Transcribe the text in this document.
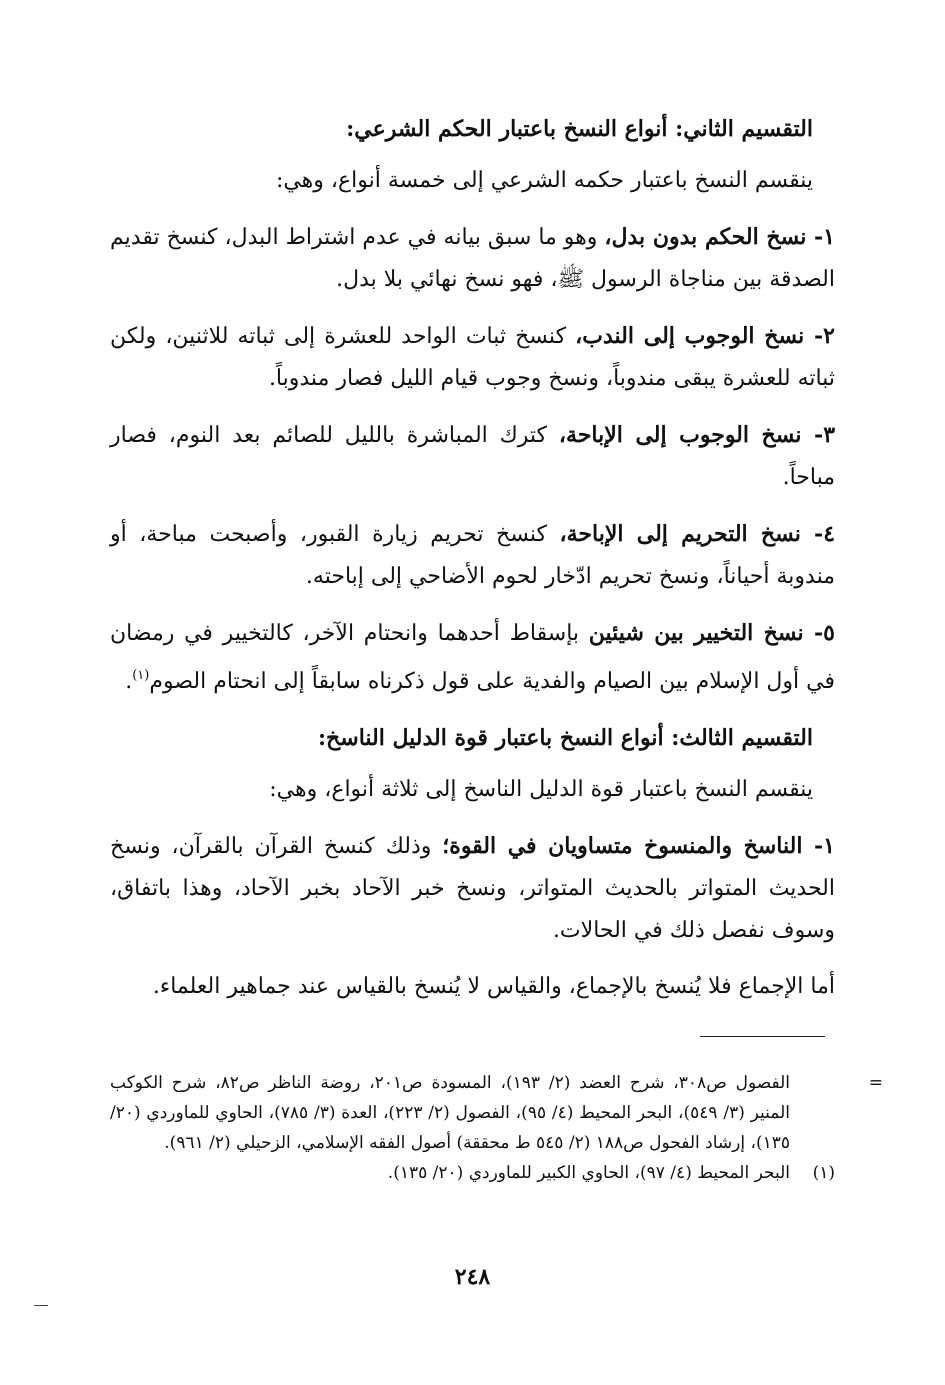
التقسيم الثاني: أنواع النسخ باعتبار الحكم الشرعي:

ينقسم النسخ باعتبار حكمه الشرعي إلى خمسة أنواع، وهي:

١- نسخ الحكم بدون بدل، وهو ما سبق بيانه في عدم اشتراط البدل، كنسخ تقديم الصدقة بين مناجاة الرسول ﷺ، فهو نسخ نهائي بلا بدل.

٢- نسخ الوجوب إلى الندب، كنسخ ثبات الواحد للعشرة إلى ثباته للاثنين، ولكن ثباته للعشرة يبقى مندوباً، ونسخ وجوب قيام الليل فصار مندوباً.

٣- نسخ الوجوب إلى الإباحة، كترك المباشرة بالليل للصائم بعد النوم، فصار مباحاً.

٤- نسخ التحريم إلى الإباحة، كنسخ تحريم زيارة القبور، وأصبحت مباحة، أو مندوبة أحياناً، ونسخ تحريم ادّخار لحوم الأضاحي إلى إباحته.

٥- نسخ التخيير بين شيئين بإسقاط أحدهما وانحتام الآخر، كالتخيير في رمضان في أول الإسلام بين الصيام والفدية على قول ذكرناه سابقاً إلى انحتام الصوم$^{(١)}$.

التقسيم الثالث: أنواع النسخ باعتبار قوة الدليل الناسخ:

ينقسم النسخ باعتبار قوة الدليل الناسخ إلى ثلاثة أنواع، وهي:

١- الناسخ والمنسوخ متساويان في القوة؛ وذلك كنسخ القرآن بالقرآن، ونسخ الحديث المتواتر بالحديث المتواتر، ونسخ خبر الآحاد بخبر الآحاد، وهذا باتفاق، وسوف نفصل ذلك في الحالات.

أما الإجماع فلا يُنسخ بالإجماع، والقياس لا يُنسخ بالقياس عند جماهير العلماء.

=
الفصول ص٣٠٨، شرح العضد (٢/ ١٩٣)، المسودة ص٢٠١، روضة الناظر ص٨٢، شرح الكوكب المنير (٣/ ٥٤٩)، البحر المحيط (٤/ ٩٥)، الفصول (٢/ ٢٢٣)، العدة (٣/ ٧٨٥)، الحاوي للماوردي (٢٠/ ١٣٥)، إرشاد الفحول ص١٨٨ (٢/ ٥٤٥ ط محققة) أصول الفقه الإسلامي، الزحيلي (٢/ ٩٦١).

(١)
البحر المحيط (٤/ ٩٧)، الحاوي الكبير للماوردي (٢٠/ ١٣٥).

٢٤٨
